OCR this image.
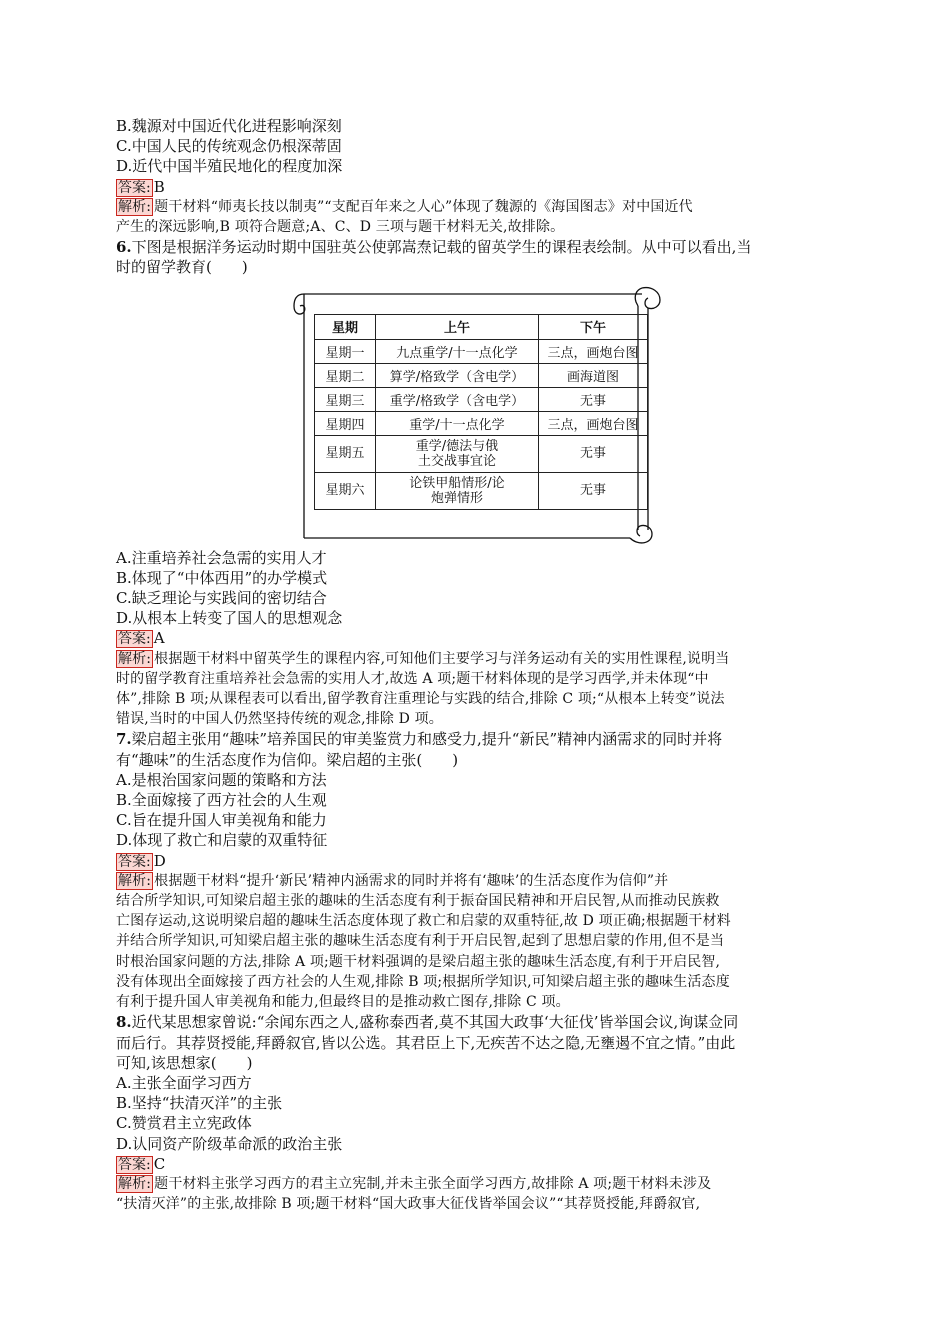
B.魏源对中国近代化进程影响深刻
C.中国人民的传统观念仍根深蒂固
D.近代中国半殖民地化的程度加深
答案: B
解析: 题干材料“师夷长技以制夷”“支配百年来之人心”体现了魏源的《海国图志》对中国近代
产生的深远影响,B 项符合题意;A、C、D 三项与题干材料无关,故排除。
6.下图是根据洋务运动时期中国驻英公使郭嵩焘记载的留英学生的课程表绘制。从中可以看出,当
时的留学教育(　　)
星期	上午	下午
星期一	九点重学/十一点化学	三点，画炮台图
星期二	算学/格致学（含电学）	画海道图
星期三	重学/格致学（含电学）	无事
星期四	重学/十一点化学	三点，画炮台图
星期五	重学/德法与俄
土交战事宜论	无事
星期六	论铁甲船情形/论
炮弹情形	无事
A.注重培养社会急需的实用人才
B.体现了“中体西用”的办学模式
C.缺乏理论与实践间的密切结合
D.从根本上转变了国人的思想观念
答案: A
解析: 根据题干材料中留英学生的课程内容,可知他们主要学习与洋务运动有关的实用性课程,说明当
时的留学教育注重培养社会急需的实用人才,故选 A 项;题干材料体现的是学习西学,并未体现“中
体”,排除 B 项;从课程表可以看出,留学教育注重理论与实践的结合,排除 C 项;“从根本上转变”说法
错误,当时的中国人仍然坚持传统的观念,排除 D 项。
7.梁启超主张用“趣味”培养国民的审美鉴赏力和感受力,提升“新民”精神内涵需求的同时并将
有“趣味”的生活态度作为信仰。梁启超的主张(　　)
A.是根治国家问题的策略和方法
B.全面嫁接了西方社会的人生观
C.旨在提升国人审美视角和能力
D.体现了救亡和启蒙的双重特征
答案: D
解析: 根据题干材料“提升‘新民’精神内涵需求的同时并将有‘趣味’的生活态度作为信仰”并
结合所学知识,可知梁启超主张的趣味的生活态度有利于振奋国民精神和开启民智,从而推动民族救
亡图存运动,这说明梁启超的趣味生活态度体现了救亡和启蒙的双重特征,故 D 项正确;根据题干材料
并结合所学知识,可知梁启超主张的趣味生活态度有利于开启民智,起到了思想启蒙的作用,但不是当
时根治国家问题的方法,排除 A 项;题干材料强调的是梁启超主张的趣味生活态度,有利于开启民智,
没有体现出全面嫁接了西方社会的人生观,排除 B 项;根据所学知识,可知梁启超主张的趣味生活态度
有利于提升国人审美视角和能力,但最终目的是推动救亡图存,排除 C 项。
8.近代某思想家曾说:“余闻东西之人,盛称泰西者,莫不其国大政事‘大征伐’皆举国会议,询谋佥同
而后行。其荐贤授能,拜爵叙官,皆以公选。其君臣上下,无疾苦不达之隐,无壅遏不宜之情。”由此
可知,该思想家(　　)
A.主张全面学习西方
B.坚持“扶清灭洋”的主张
C.赞赏君主立宪政体
D.认同资产阶级革命派的政治主张
答案: C
解析: 题干材料主张学习西方的君主立宪制,并未主张全面学习西方,故排除 A 项;题干材料未涉及
“扶清灭洋”的主张,故排除 B 项;题干材料“国大政事大征伐皆举国会议”“其荐贤授能,拜爵叙官,
